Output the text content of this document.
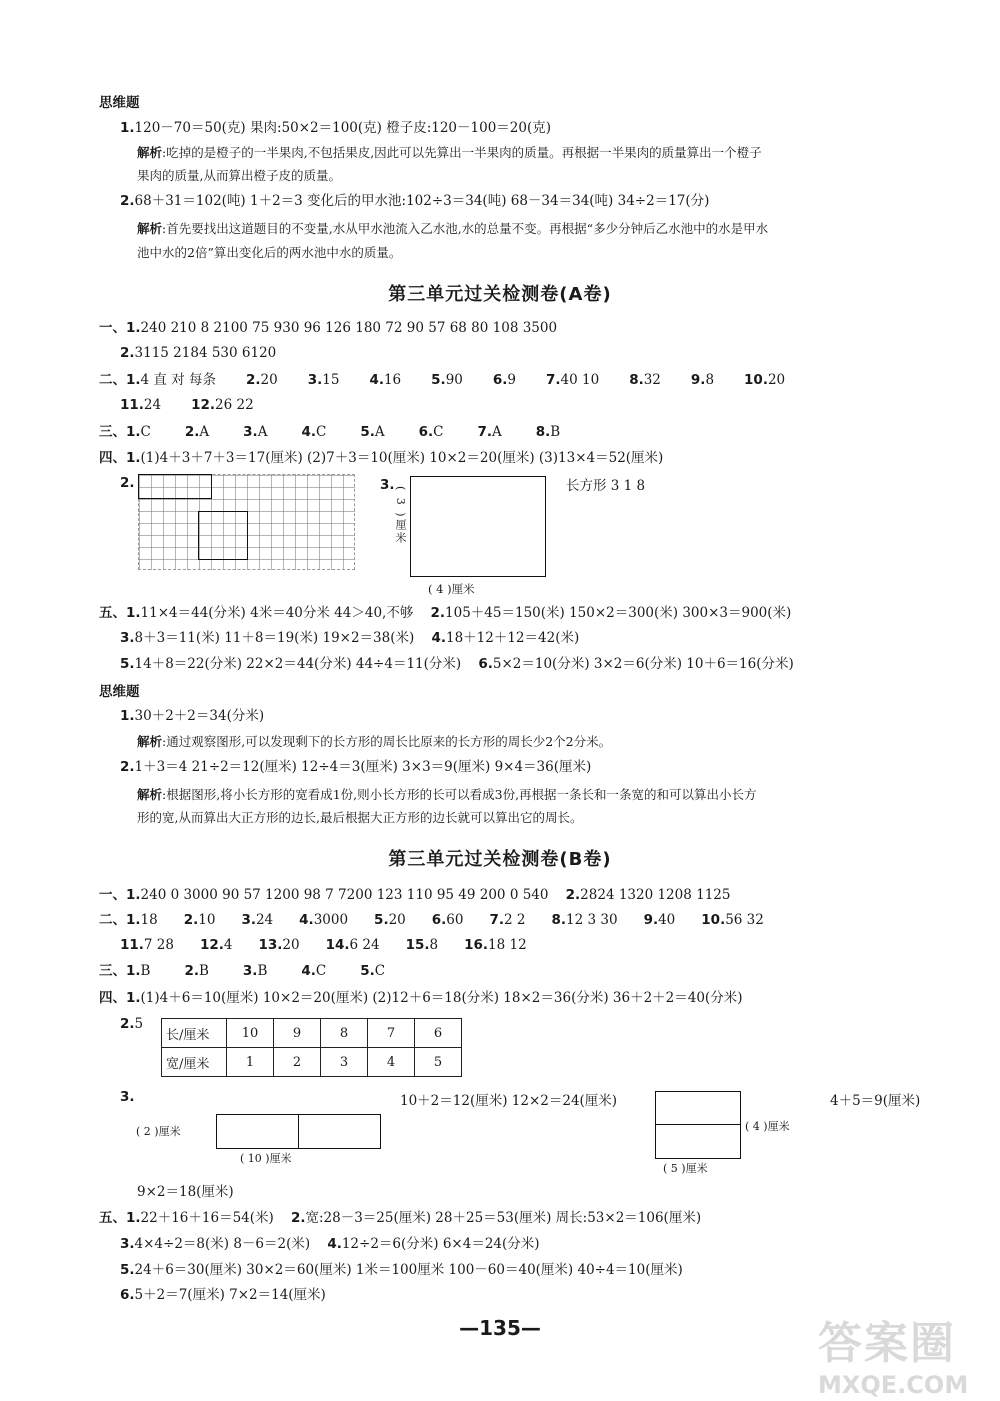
思维题
1.120－70＝50(克) 果肉:50×2＝100(克) 橙子皮:120－100＝20(克)
解析:吃掉的是橙子的一半果肉,不包括果皮,因此可以先算出一半果肉的质量。再根据一半果肉的质量算出一个橙子
果肉的质量,从而算出橙子皮的质量。
2.68＋31＝102(吨) 1＋2＝3 变化后的甲水池:102÷3＝34(吨) 68－34＝34(吨) 34÷2＝17(分)
解析:首先要找出这道题目的不变量,水从甲水池流入乙水池,水的总量不变。再根据“多少分钟后乙水池中的水是甲水
池中水的2倍”算出变化后的两水池中水的质量。
第三单元过关检测卷(A卷)
一、1.240 210 8 2100 75 930 96 126 180 72 90 57 68 80 108 3500
2.3115 2184 530 6120
二、1.4 直 对 每条 2.20 3.15 4.16 5.90 6.9 7.40 10 8.32 9.8 10.20
11.24 12.26 22
三、1.C	2.A	3.A	4.C	5.A	6.C	7.A	8.B
四、1.(1)4＋3＋7＋3＝17(厘米) (2)7＋3＝10(厘米) 10×2＝20(厘米) (3)13×4＝52(厘米)
2.	3.
( 3 )厘米
( 4 )厘米
长方形 3 1 8
五、1.11×4＝44(分米) 4米＝40分米 44＞40,不够 2.105＋45＝150(米) 150×2＝300(米) 300×3＝900(米)
3.8＋3＝11(米) 11＋8＝19(米) 19×2＝38(米) 4.18＋12＋12＝42(米)
5.14＋8＝22(分米) 22×2＝44(分米) 44÷4＝11(分米) 6.5×2＝10(分米) 3×2＝6(分米) 10＋6＝16(分米)
思维题
1.30＋2＋2＝34(分米)
解析:通过观察图形,可以发现剩下的长方形的周长比原来的长方形的周长少2个2分米。
2.1＋3＝4 21÷2＝12(厘米) 12÷4＝3(厘米) 3×3＝9(厘米) 9×4＝36(厘米)
解析:根据图形,将小长方形的宽看成1份,则小长方形的长可以看成3份,再根据一条长和一条宽的和可以算出小长方
形的宽,从而算出大正方形的边长,最后根据大正方形的边长就可以算出它的周长。
第三单元过关检测卷(B卷)
一、1.240 0 3000 90 57 1200 98 7 7200 123 110 95 49 200 0 540 2.2824 1320 1208 1125
二、1.18 2.10 3.24 4.3000 5.20 6.60 7.2 2 8.12 3 30 9.40 10.56 32
11.7 28 12.4 13.20 14.6 24 15.8 16.18 12
三、1.B	2.B	3.B	4.C	5.C
四、1.(1)4＋6＝10(厘米) 10×2＝20(厘米) (2)12＋6＝18(分米) 18×2＝36(分米) 36＋2＋2＝40(分米)
2.5
长/厘米	10	9	8	7	6
宽/厘米	1	2	3	4	5
3.	10＋2＝12(厘米) 12×2＝24(厘米)	4＋5＝9(厘米)
( 2 )厘米
( 10 )厘米
( 4 )厘米
( 5 )厘米
9×2＝18(厘米)
五、1.22＋16＋16＝54(米) 2.宽:28－3＝25(厘米) 28＋25＝53(厘米) 周长:53×2＝106(厘米)
3.4×4÷2＝8(米) 8－6＝2(米) 4.12÷2＝6(分米) 6×4＝24(分米)
5.24＋6＝30(厘米) 30×2＝60(厘米) 1米＝100厘米 100－60＝40(厘米) 40÷4＝10(厘米)
6.5＋2＝7(厘米) 7×2＝14(厘米)
—135—	答案圈
MXQE.COM
